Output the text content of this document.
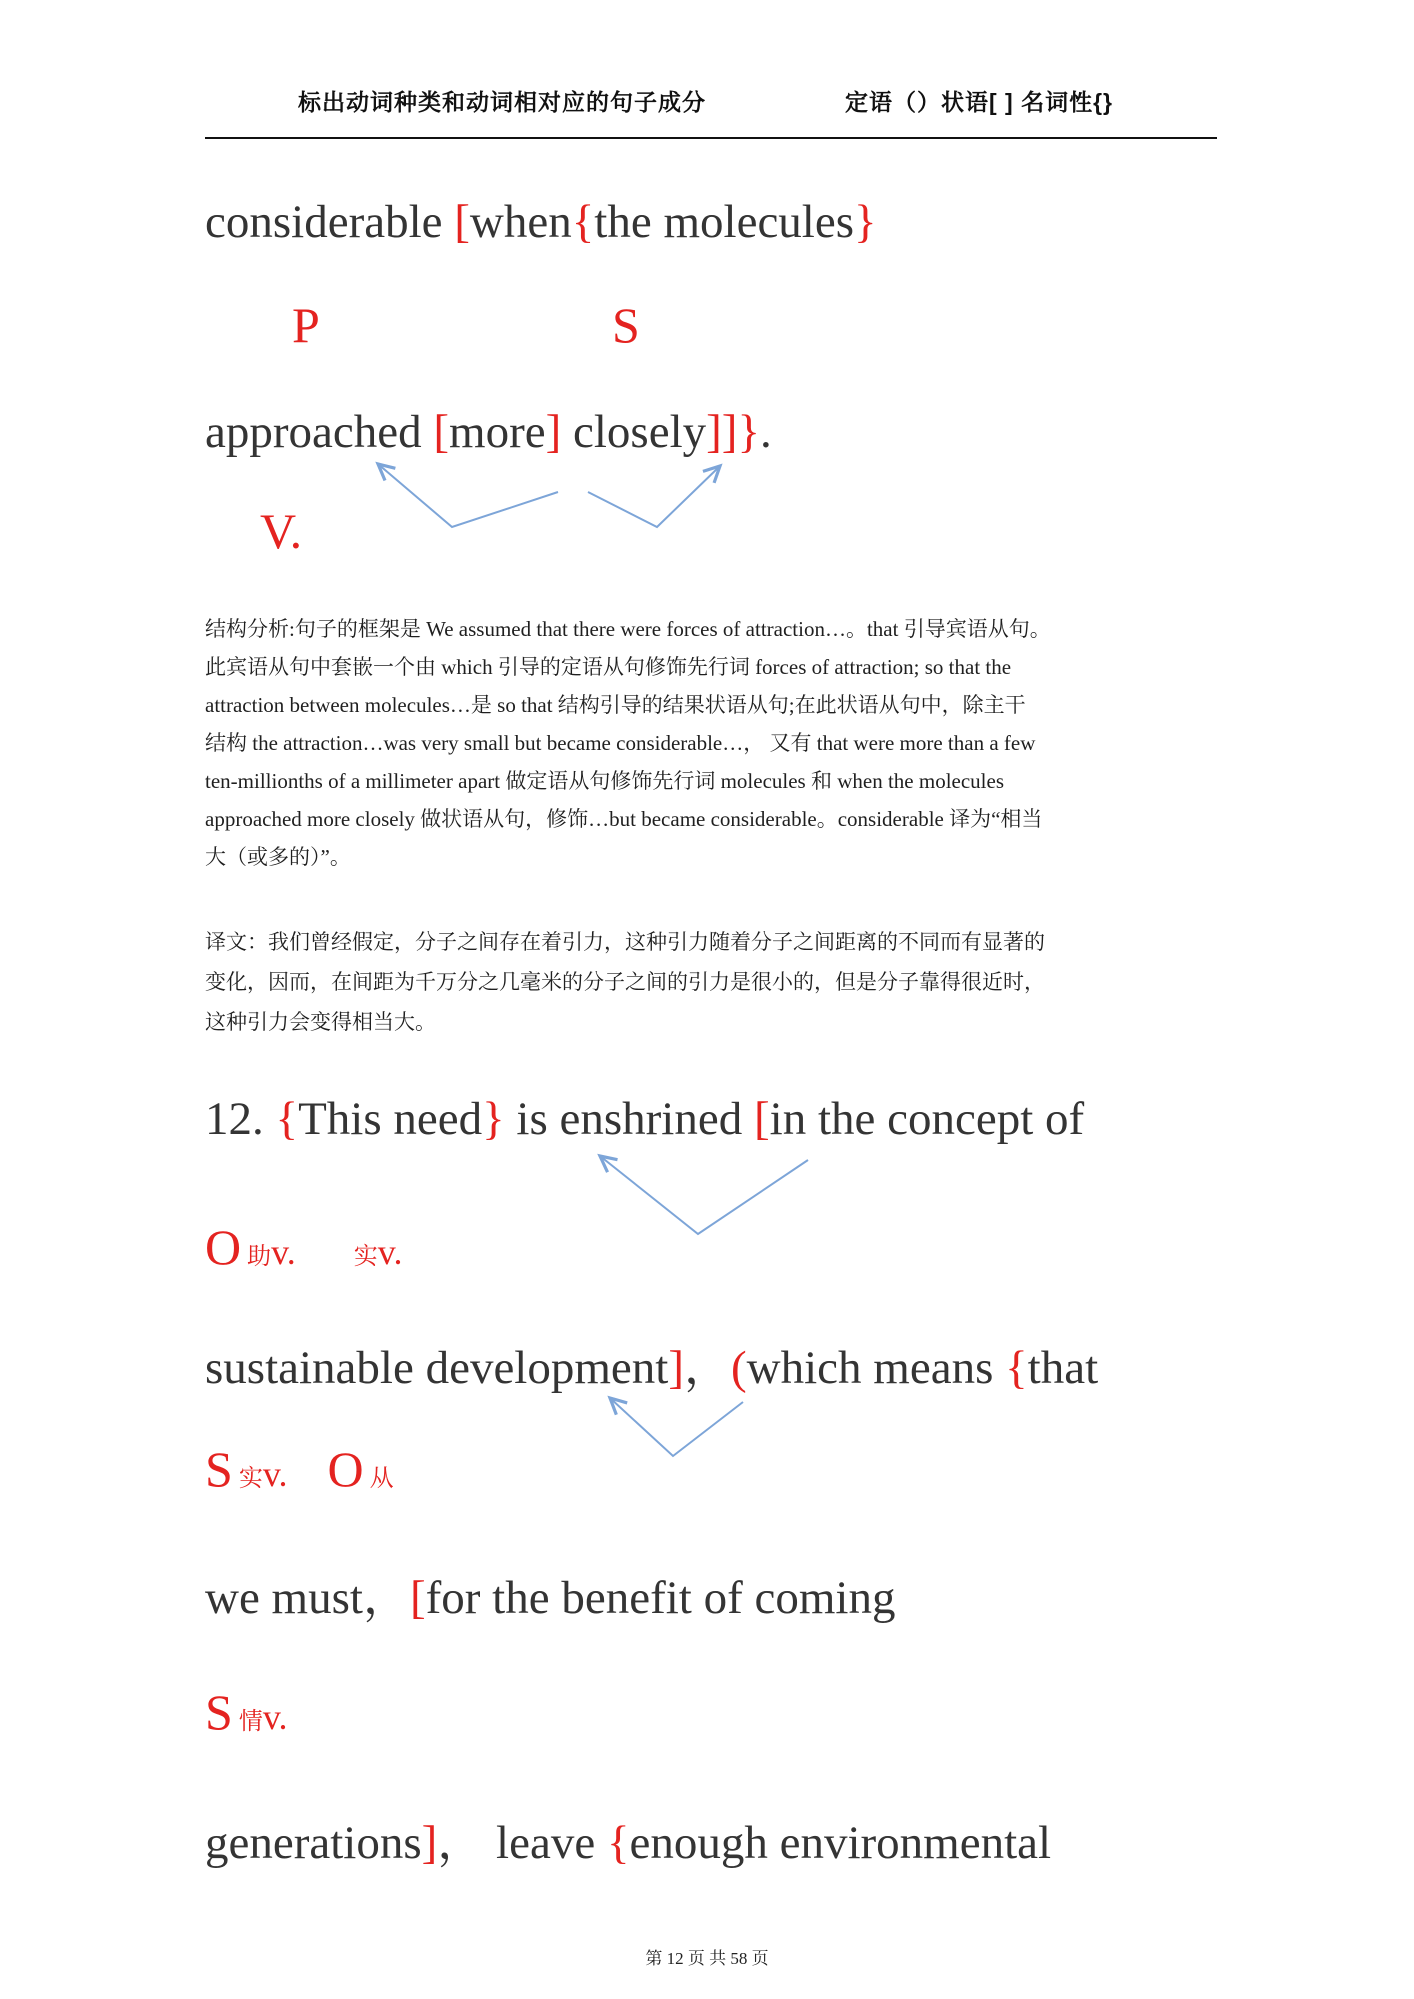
标出动词种类和动词相对应的句子成分	定语（）状语[ ] 名词性{}
considerable [when{the molecules}
P	S
approached [more] closely]]}.
V.
结构分析:句子的框架是 We assumed that there were forces of attraction…。that 引导宾语从句。
此宾语从句中套嵌一个由 which 引导的定语从句修饰先行词 forces of attraction; so that the
attraction between molecules…是 so that 结构引导的结果状语从句;在此状语从句中，除主干
结构 the attraction…was very small but became considerable…， 又有 that were more than a few
ten-millionths of a millimeter apart 做定语从句修饰先行词 molecules 和 when the molecules
approached more closely 做状语从句，修饰…but became considerable。considerable 译为“相当
大（或多的）”。
译文：我们曾经假定，分子之间存在着引力，这种引力随着分子之间距离的不同而有显著的
变化，因而，在间距为千万分之几毫米的分子之间的引力是很小的，但是分子靠得很近时，
这种引力会变得相当大。
12. {This need} is enshrined [in the concept of
O 助v. 实v.
sustainable development]，(which means {that
S 实v. O 从
we must，[for the benefit of coming
S 情v.
generations]， leave {enough environmental
第 12 页 共 58 页
